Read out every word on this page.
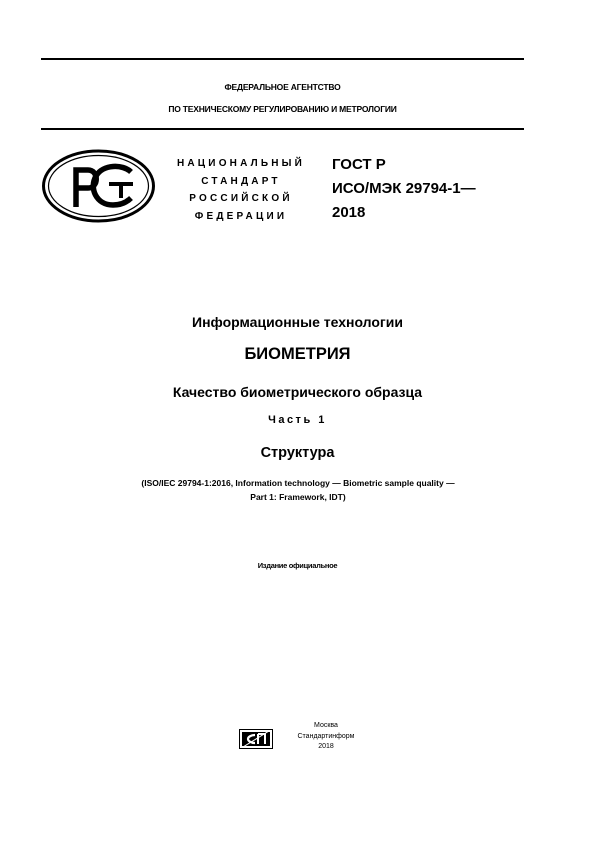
ФЕДЕРАЛЬНОЕ АГЕНТСТВО
ПО ТЕХНИЧЕСКОМУ РЕГУЛИРОВАНИЮ И МЕТРОЛОГИИ
НАЦИОНАЛЬНЫЙ
СТАНДАРТ
РОССИЙСКОЙ
ФЕДЕРАЦИИ
ГОСТ Р
ИСО/МЭК 29794-1—
2018
Информационные технологии
БИОМЕТРИЯ
Качество биометрического образца
Часть 1
Структура
(ISO/IEC 29794-1:2016, Information technology — Biometric sample quality —
Part 1: Framework, IDT)
Издание официальное
Москва
Стандартинформ
2018
